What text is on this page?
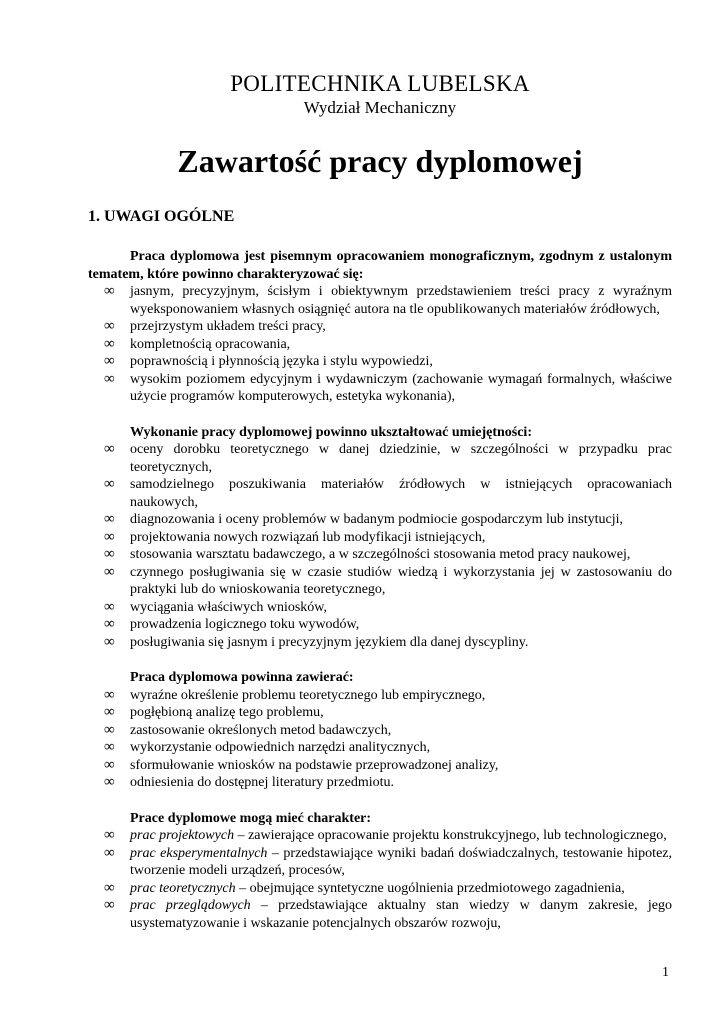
POLITECHNIKA LUBELSKA
Wydział Mechaniczny
Zawartość pracy dyplomowej
1. UWAGI OGÓLNE

Praca dyplomowa jest pisemnym opracowaniem monograficznym, zgodnym z ustalonym tematem, które powinno charakteryzować się:

∞ jasnym, precyzyjnym, ścisłym i obiektywnym przedstawieniem treści pracy z wyraźnym wyeksponowaniem własnych osiągnięć autora na tle opublikowanych materiałów źródłowych,
∞ przejrzystym układem treści pracy,
∞ kompletnością opracowania,
∞ poprawnością i płynnością języka i stylu wypowiedzi,
∞ wysokim poziomem edycyjnym i wydawniczym (zachowanie wymagań formalnych, właściwe użycie programów komputerowych, estetyka wykonania),

Wykonanie pracy dyplomowej powinno ukształtować umiejętności:

∞ oceny dorobku teoretycznego w danej dziedzinie, w szczególności w przypadku prac teoretycznych,
∞ samodzielnego poszukiwania materiałów źródłowych w istniejących opracowaniach naukowych,
∞ diagnozowania i oceny problemów w badanym podmiocie gospodarczym lub instytucji,
∞ projektowania nowych rozwiązań lub modyfikacji istniejących,
∞ stosowania warsztatu badawczego, a w szczególności stosowania metod pracy naukowej,
∞ czynnego posługiwania się w czasie studiów wiedzą i wykorzystania jej w zastosowaniu do praktyki lub do wnioskowania teoretycznego,
∞ wyciągania właściwych wniosków,
∞ prowadzenia logicznego toku wywodów,
∞ posługiwania się jasnym i precyzyjnym językiem dla danej dyscypliny.

Praca dyplomowa powinna zawierać:

∞ wyraźne określenie problemu teoretycznego lub empirycznego,
∞ pogłębioną analizę tego problemu,
∞ zastosowanie określonych metod badawczych,
∞ wykorzystanie odpowiednich narzędzi analitycznych,
∞ sformułowanie wniosków na podstawie przeprowadzonej analizy,
∞ odniesienia do dostępnej literatury przedmiotu.

Prace dyplomowe mogą mieć charakter:

∞ prac projektowych – zawierające opracowanie projektu konstrukcyjnego, lub technologicznego,
∞ prac eksperymentalnych – przedstawiające wyniki badań doświadczalnych, testowanie hipotez, tworzenie modeli urządzeń, procesów,
∞ prac teoretycznych – obejmujące syntetyczne uogólnienia przedmiotowego zagadnienia,
∞ prac przeglądowych – przedstawiające aktualny stan wiedzy w danym zakresie, jego usystematyzowanie i wskazanie potencjalnych obszarów rozwoju,
1
